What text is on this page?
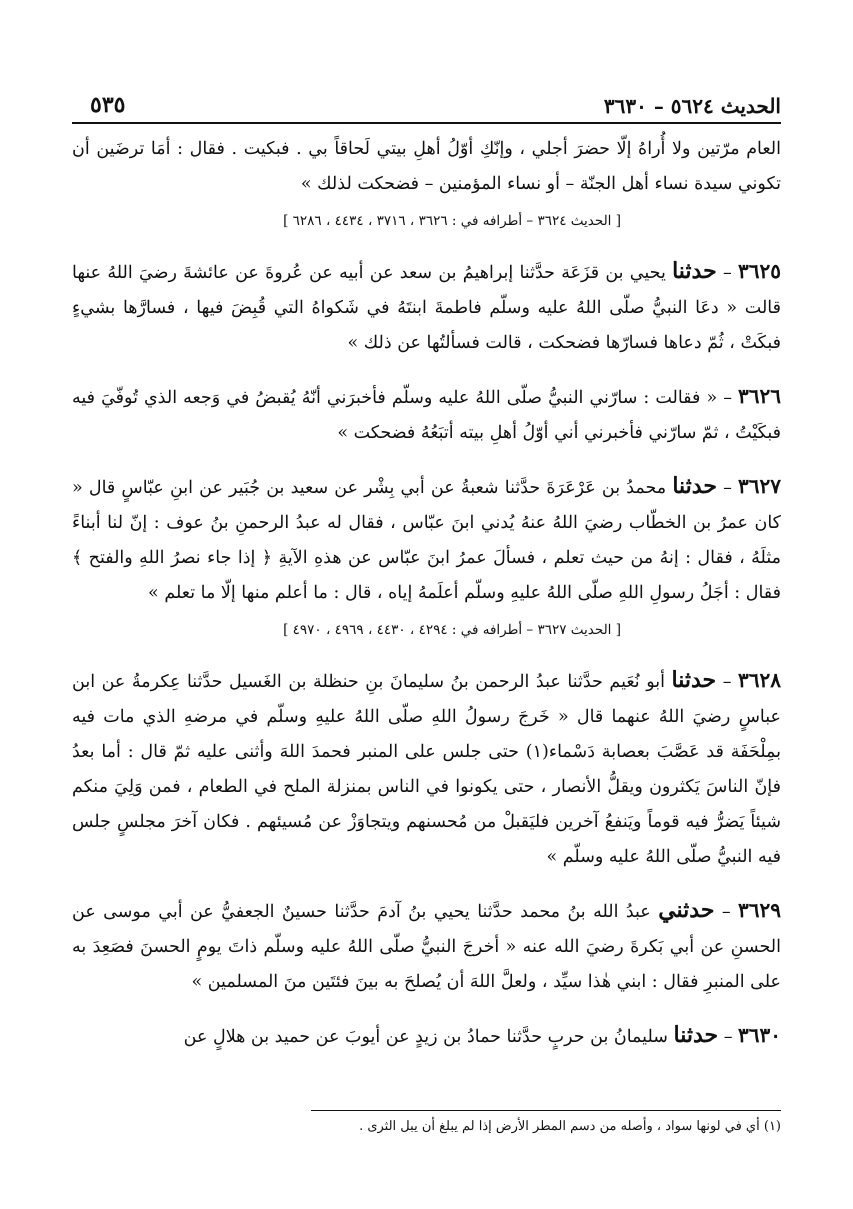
الحديث ٥٦٢٤ – ٣٦٣٠
٥٣٥

العام مرّتين ولا أُراهُ إلّا حضرَ أجلي ، وإنّكِ أوّلُ أهلِ بيتي لَحاقاً بي . فبكيت . فقال : أمَا ترضَين أن تكوني سيدة نساء أهل الجنّة – أو نساء المؤمنين – فضحكت لذلك »

[ الحديث ٣٦٢٤ – أطرافه في : ٣٦٢٦ ، ٣٧١٦ ، ٤٤٣٤ ، ٦٢٨٦ ]

٣٦٢٥ – حدثنا يحيي بن قزَعَة حدَّثنا إبراهيمُ بن سعد عن أبيه عن عُروةَ عن عائشةَ رضيَ اللهُ عنها قالت « دعَا النبيُّ صلّى اللهُ عليه وسلّم فاطمةَ ابنتَهُ في شَكواهُ التي قُبِضَ فيها ، فسارَّها بشيءٍ فبكَتْ ، ثُمّ دعاها فسارّها فضحكت ، قالت فسألتُها عن ذلك »

٣٦٢٦ – « فقالت : سارّني النبيُّ صلّى اللهُ عليه وسلّم فأخبرَني أنّهُ يُقبضُ في وَجعه الذي تُوفّيَ فيه فبكَيْتُ ، ثمّ سارّني فأخبرني أني أوّلُ أهلِ بيته أتبَعُهُ فضحكت »

٣٦٢٧ – حدثنا محمدُ بن عَرْعَرَةَ حدَّثنا شعبةُ عن أبي بِشْر عن سعيد بن جُبَير عن ابنِ عبّاسٍ قال « كان عمرُ بن الخطّاب رضيَ اللهُ عنهُ يُدني ابنَ عبّاس ، فقال له عبدُ الرحمنِ بنُ عوف : إنّ لنا أبناءً مثلَهُ ، فقال : إنهُ من حيث تعلم ، فسألَ عمرُ ابنَ عبّاس عن هذهِ الآيةِ ﴿ إذا جاء نصرُ اللهِ والفتح ﴾ فقال : أجَلُ رسولِ اللهِ صلّى اللهُ عليهِ وسلّم أعلَمهُ إياه ، قال : ما أعلم منها إلّا ما تعلم »

[ الحديث ٣٦٢٧ – أطرافه في : ٤٢٩٤ ، ٤٤٣٠ ، ٤٩٦٩ ، ٤٩٧٠ ]

٣٦٢٨ – حدثنا أبو نُعَيم حدَّثنا عبدُ الرحمن بنُ سليمانَ بنِ حنظلة بن الغَسيل حدَّثنا عِكرمةُ عن ابن عباسٍ رضيَ اللهُ عنهما قال « خَرجَ رسولُ اللهِ صلّى اللهُ عليهِ وسلّم في مرضهِ الذي مات فيه بمِلْحَفَة قد عَصَّبَ بعصابة دَسْماء(١) حتى جلس على المنبر فحمدَ اللهَ وأثنى عليه ثمّ قال : أما بعدُ فإنّ الناسَ يَكثرون ويقلُّ الأنصار ، حتى يكونوا في الناس بمنزلة الملح في الطعام ، فمن وَلِيَ منكم شيئاً يَضرُّ فيه قوماً ويَنفعُ آخرين فليَقبلْ من مُحسنهم ويتجاوَزْ عن مُسيئهم . فكان آخرَ مجلسٍ جلس فيه النبيُّ صلّى اللهُ عليه وسلّم »

٣٦٢٩ – حدثني عبدُ الله بنُ محمد حدَّثنا يحيي بنُ آدمَ حدَّثنا حسينٌ الجعفيُّ عن أبي موسى عن الحسنِ عن أبي بَكرةَ رضيَ الله عنه « أخرجَ النبيُّ صلّى اللهُ عليه وسلّم ذاتَ يومٍ الحسنَ فصَعِدَ به على المنبرِ فقال : ابني هٰذا سيِّد ، ولعلَّ اللهَ أن يُصلحَ به بينَ فئتَين منَ المسلمين »

٣٦٣٠ – حدثنا سليمانُ بن حربٍ حدَّثنا حمادُ بن زيدٍ عن أيوبَ عن حميد بن هلالٍ عن

(١) أي في لونها سواد ، وأصله من دسم المطر الأرض إذا لم يبلغ أن يبل الثرى .
